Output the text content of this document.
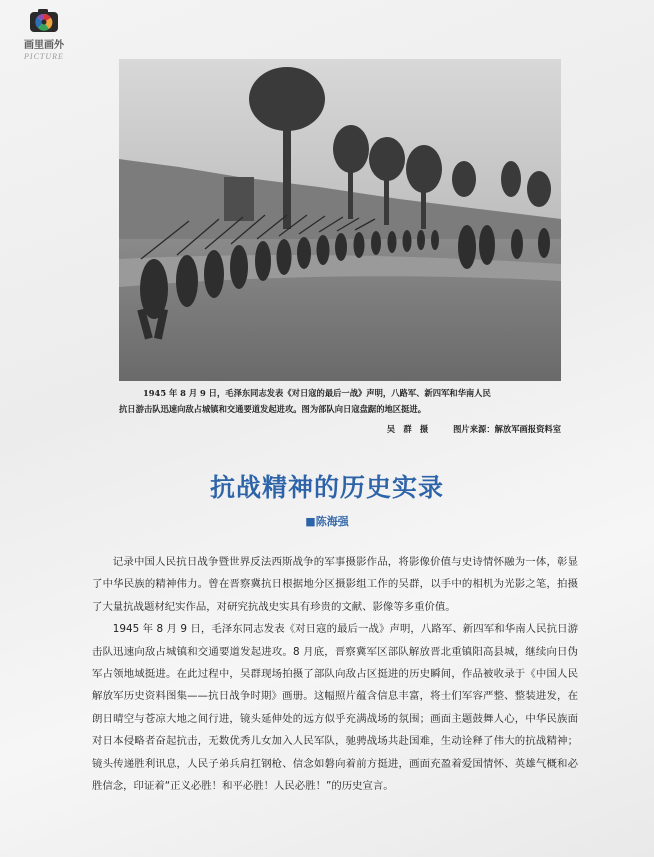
画里画外
PICTURE

1945 年 8 月 9 日，毛泽东同志发表《对日寇的最后一战》声明，八路军、新四军和华南人民

抗日游击队迅速向敌占城镇和交通要道发起进攻。图为部队向日寇盘踞的地区挺进。

吴　群　摄	图片来源：解放军画报资料室
抗战精神的历史实录
■陈海强

记录中国人民抗日战争暨世界反法西斯战争的军事摄影作品，将影像价值与史诗情怀融为一体，彰显了中华民族的精神伟力。曾在晋察冀抗日根据地分区摄影组工作的吴群，以手中的相机为光影之笔，拍摄了大量抗战题材纪实作品，对研究抗战史实具有珍贵的文献、影像等多重价值。

1945 年 8 月 9 日，毛泽东同志发表《对日寇的最后一战》声明，八路军、新四军和华南人民抗日游击队迅速向敌占城镇和交通要道发起进攻。8 月底，晋察冀军区部队解放晋北重镇阳高县城，继续向日伪军占领地域挺进。在此过程中，吴群现场拍摄了部队向敌占区挺进的历史瞬间，作品被收录于《中国人民解放军历史资料图集——抗日战争时期》画册。这幅照片蕴含信息丰富，将士们军容严整、整装进发，在朗日晴空与苍凉大地之间行进，镜头延伸处的远方似乎充满战场的氛围；画面主题鼓舞人心，中华民族面对日本侵略者奋起抗击，无数优秀儿女加入人民军队，驰骋战场共赴国难，生动诠释了伟大的抗战精神；镜头传递胜利讯息，人民子弟兵肩扛钢枪、信念如磐向着前方挺进，画面充盈着爱国情怀、英雄气概和必胜信念，印证着“正义必胜！和平必胜！人民必胜！”的历史宣言。
